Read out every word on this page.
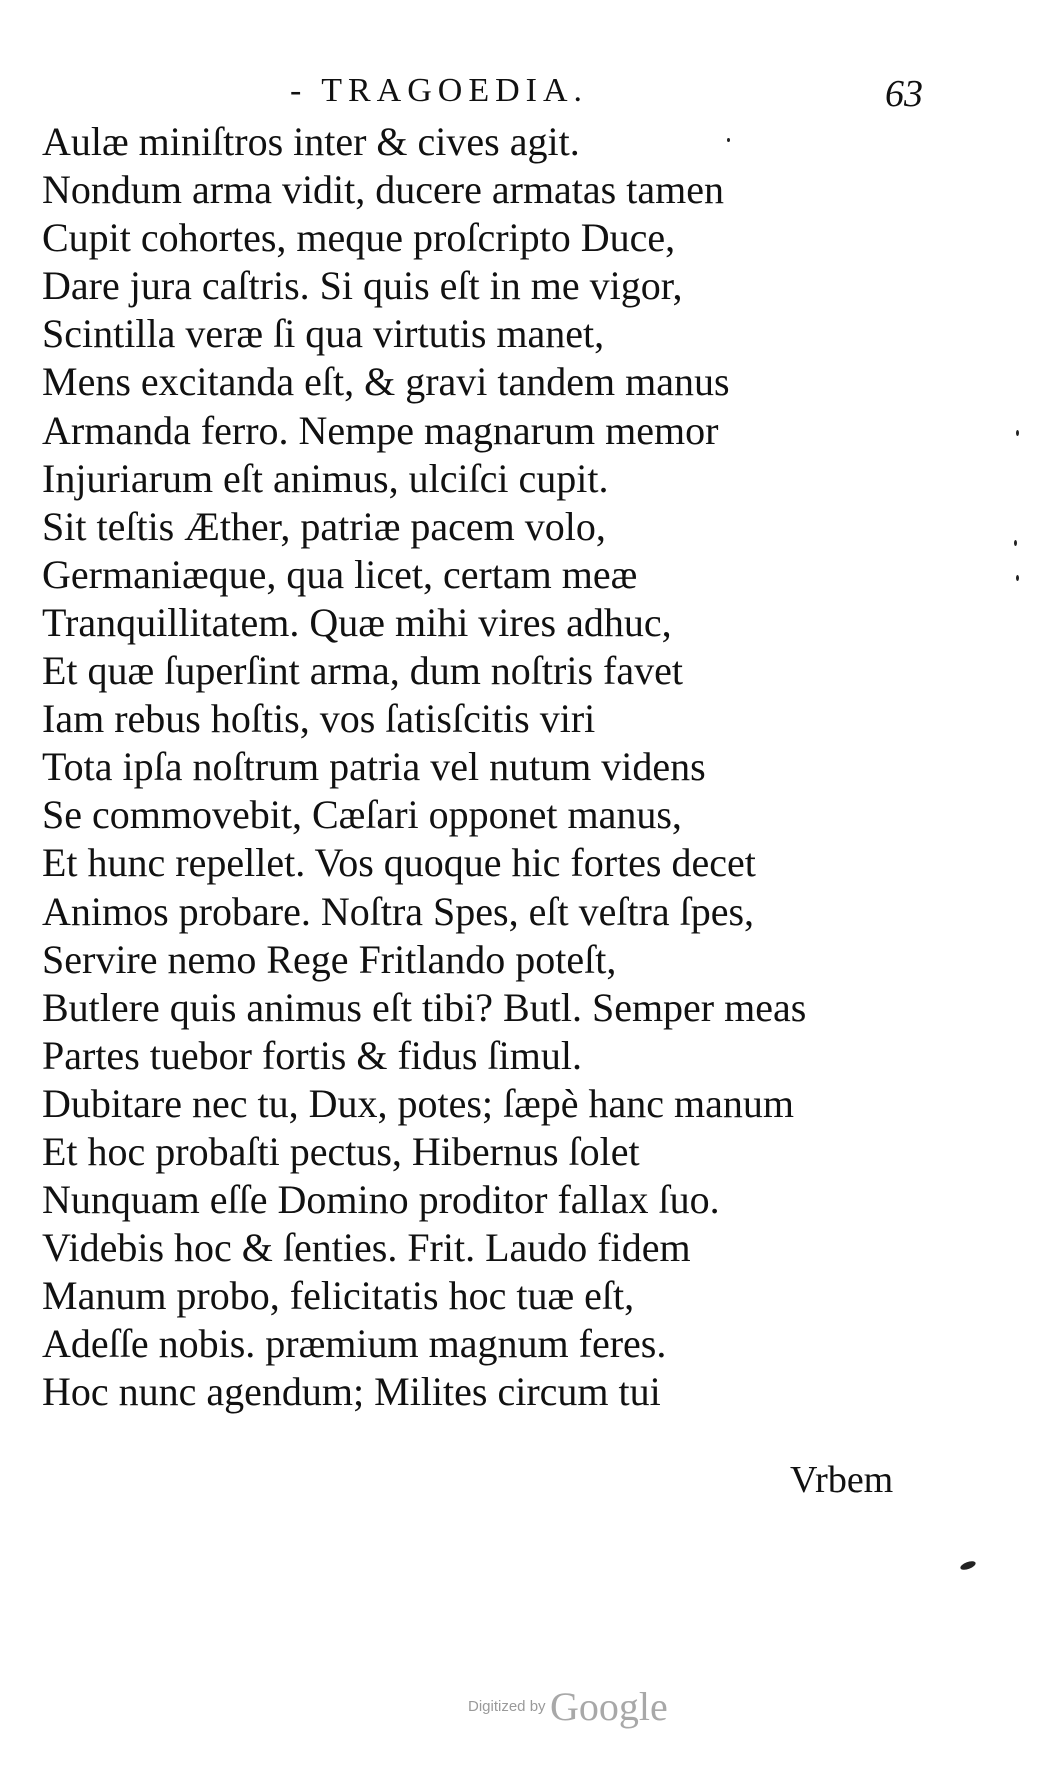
- TRAGOEDIA.	63
Aulæ miniſtros inter & cives agit.
Nondum arma vidit, ducere armatas tamen
Cupit cohortes, meque proſcripto Duce,
Dare jura caſtris. Si quis eſt in me vigor,
Scintilla veræ ſi qua virtutis manet,
Mens excitanda eſt, & gravi tandem manus
Armanda ferro. Nempe magnarum memor
Injuriarum eſt animus, ulciſci cupit.
Sit teſtis Æther, patriæ pacem volo,
Germaniæque, qua licet, certam meæ
Tranquillitatem. Quæ mihi vires adhuc,
Et quæ ſuperſint arma, dum noſtris favet
Iam rebus hoſtis, vos ſatisſcitis viri
Tota ipſa noſtrum patria vel nutum videns
Se commovebit, Cæſari opponet manus,
Et hunc repellet. Vos quoque hic fortes decet
Animos probare. Noſtra Spes, eſt veſtra ſpes,
Servire nemo Rege Fritlando poteſt,
Butlere quis animus eſt tibi? Butl. Semper meas
Partes tuebor fortis & fidus ſimul.
Dubitare nec tu, Dux, potes; ſæpè hanc manum
Et hoc probaſti pectus, Hibernus ſolet
Nunquam eſſe Domino proditor fallax ſuo.
Videbis hoc & ſenties. Frit. Laudo fidem
Manum probo, felicitatis hoc tuæ eſt,
Adeſſe nobis. præmium magnum feres.
Hoc nunc agendum; Milites circum tui
Vrbem
Digitized by Google
